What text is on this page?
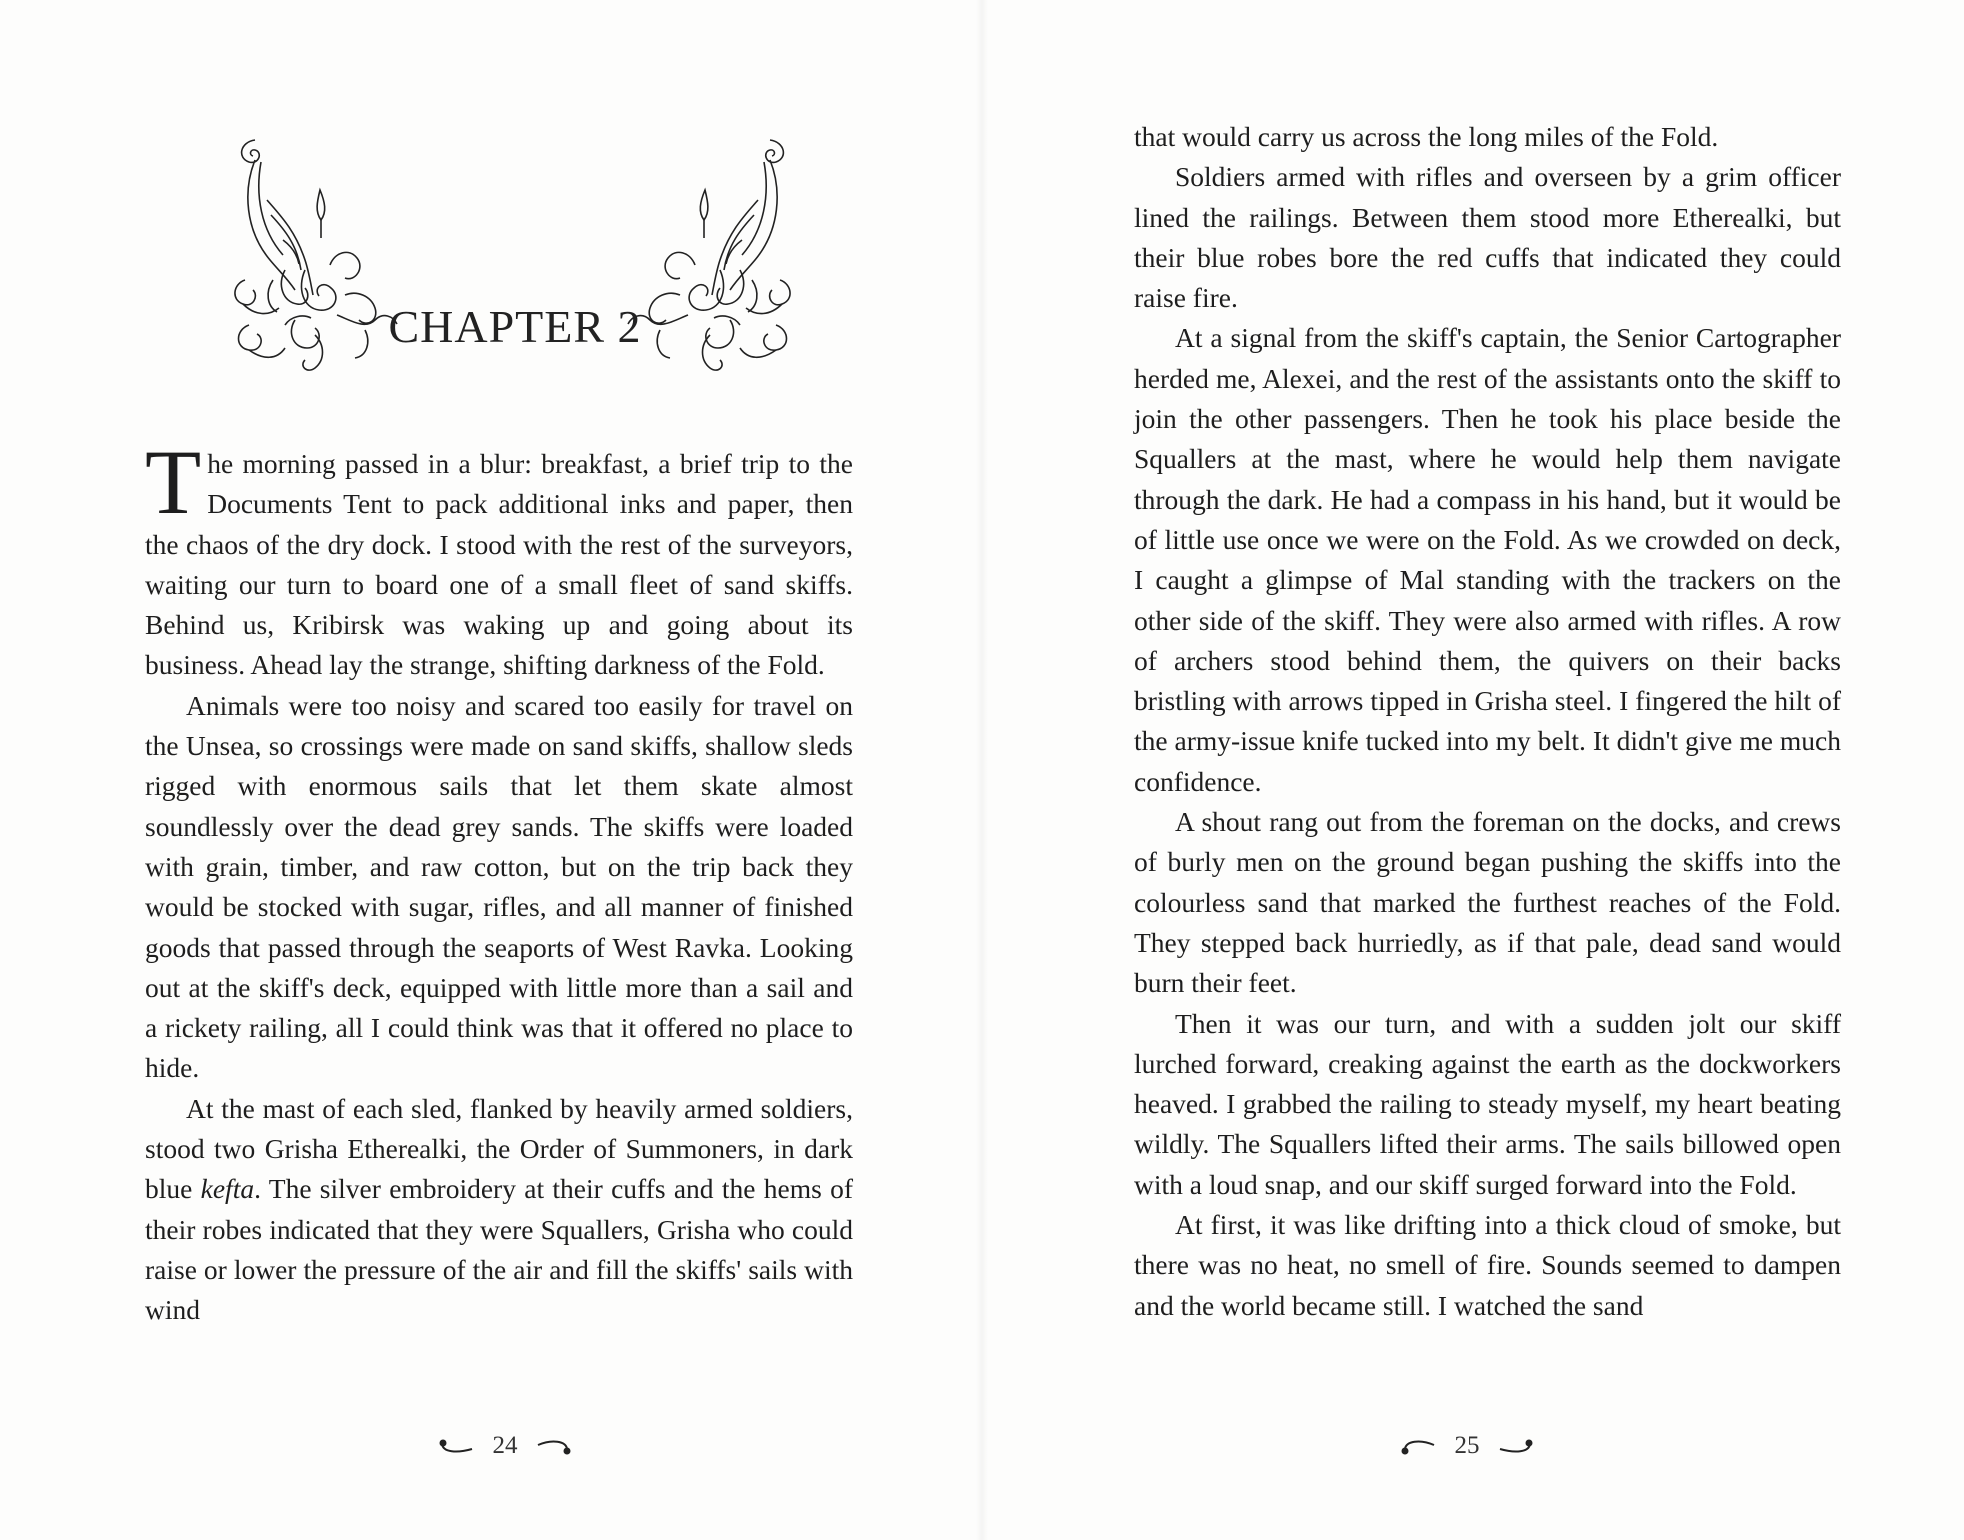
CHAPTER 2

The morning passed in a blur: breakfast, a brief trip to the Documents Tent to pack additional inks and paper, then the chaos of the dry dock. I stood with the rest of the surveyors, waiting our turn to board one of a small fleet of sand skiffs. Behind us, Kribirsk was waking up and going about its business. Ahead lay the strange, shifting darkness of the Fold.

Animals were too noisy and scared too easily for travel on the Unsea, so crossings were made on sand skiffs, shallow sleds rigged with enormous sails that let them skate almost soundlessly over the dead grey sands. The skiffs were loaded with grain, timber, and raw cotton, but on the trip back they would be stocked with sugar, rifles, and all manner of finished goods that passed through the seaports of West Ravka. Looking out at the skiff's deck, equipped with little more than a sail and a rickety railing, all I could think was that it offered no place to hide.

At the mast of each sled, flanked by heavily armed soldiers, stood two Grisha Etherealki, the Order of Summoners, in dark blue kefta. The silver embroidery at their cuffs and the hems of their robes indicated that they were Squallers, Grisha who could raise or lower the pressure of the air and fill the skiffs' sails with wind

24

that would carry us across the long miles of the Fold.

Soldiers armed with rifles and overseen by a grim officer lined the railings. Between them stood more Etherealki, but their blue robes bore the red cuffs that indicated they could raise fire.

At a signal from the skiff's captain, the Senior Cartographer herded me, Alexei, and the rest of the assistants onto the skiff to join the other passengers. Then he took his place beside the Squallers at the mast, where he would help them navigate through the dark. He had a compass in his hand, but it would be of little use once we were on the Fold. As we crowded on deck, I caught a glimpse of Mal standing with the trackers on the other side of the skiff. They were also armed with rifles. A row of archers stood behind them, the quivers on their backs bristling with arrows tipped in Grisha steel. I fingered the hilt of the army-issue knife tucked into my belt. It didn't give me much confidence.

A shout rang out from the foreman on the docks, and crews of burly men on the ground began pushing the skiffs into the colourless sand that marked the furthest reaches of the Fold. They stepped back hurriedly, as if that pale, dead sand would burn their feet.

Then it was our turn, and with a sudden jolt our skiff lurched forward, creaking against the earth as the dockworkers heaved. I grabbed the railing to steady myself, my heart beating wildly. The Squallers lifted their arms. The sails billowed open with a loud snap, and our skiff surged forward into the Fold.

At first, it was like drifting into a thick cloud of smoke, but there was no heat, no smell of fire. Sounds seemed to dampen and the world became still. I watched the sand

25
